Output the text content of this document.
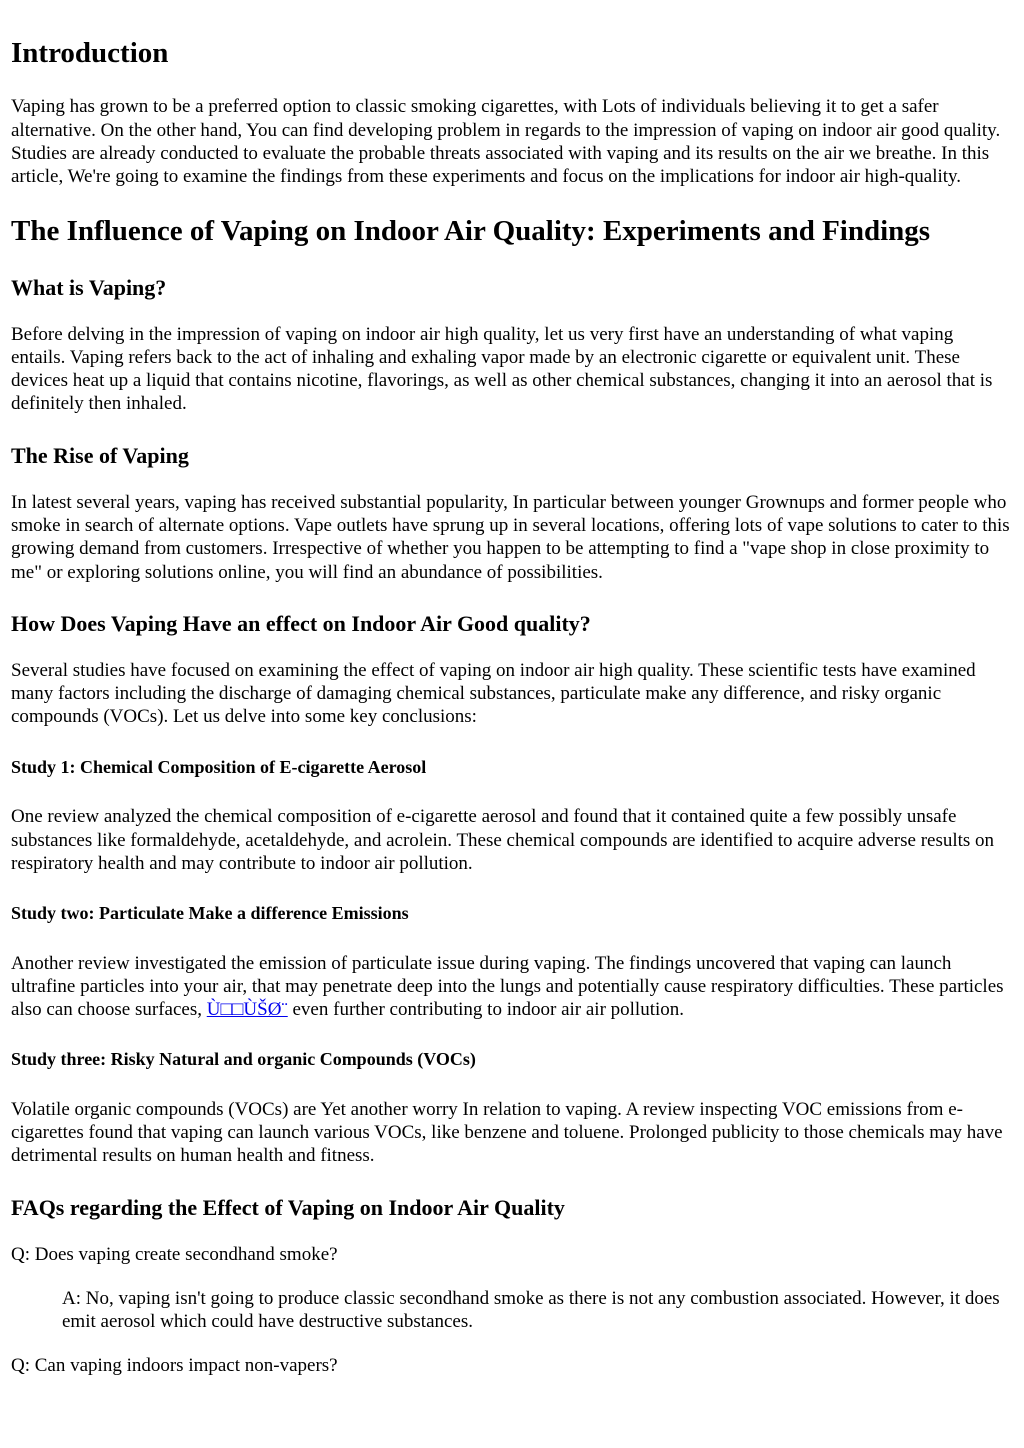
Introduction

Vaping has grown to be a preferred option to classic smoking cigarettes, with Lots of individuals believing it to get a safer alternative. On the other hand, You can find developing problem in regards to the impression of vaping on indoor air good quality. Studies are already conducted to evaluate the probable threats associated with vaping and its results on the air we breathe. In this article, We're going to examine the findings from these experiments and focus on the implications for indoor air high-quality.

The Influence of Vaping on Indoor Air Quality: Experiments and Findings
What is Vaping?

Before delving in the impression of vaping on indoor air high quality, let us very first have an understanding of what vaping entails. Vaping refers back to the act of inhaling and exhaling vapor made by an electronic cigarette or equivalent unit. These devices heat up a liquid that contains nicotine, flavorings, as well as other chemical substances, changing it into an aerosol that is definitely then inhaled.

The Rise of Vaping

In latest several years, vaping has received substantial popularity, In particular between younger Grownups and former people who smoke in search of alternate options. Vape outlets have sprung up in several locations, offering lots of vape solutions to cater to this growing demand from customers. Irrespective of whether you happen to be attempting to find a "vape shop in close proximity to me" or exploring solutions online, you will find an abundance of possibilities.

How Does Vaping Have an effect on Indoor Air Good quality?

Several studies have focused on examining the effect of vaping on indoor air high quality. These scientific tests have examined many factors including the discharge of damaging chemical substances, particulate make any difference, and risky organic compounds (VOCs). Let us delve into some key conclusions:

Study 1: Chemical Composition of E-cigarette Aerosol

One review analyzed the chemical composition of e-cigarette aerosol and found that it contained quite a few possibly unsafe substances like formaldehyde, acetaldehyde, and acrolein. These chemical compounds are identified to acquire adverse results on respiratory health and may contribute to indoor air pollution.

Study two: Particulate Make a difference Emissions

Another review investigated the emission of particulate issue during vaping. The findings uncovered that vaping can launch ultrafine particles into your air, that may penetrate deep into the lungs and potentially cause respiratory difficulties. These particles also can choose surfaces, Ù□□ÙŠØ¨ even further contributing to indoor air air pollution.

Study three: Risky Natural and organic Compounds (VOCs)

Volatile organic compounds (VOCs) are Yet another worry In relation to vaping. A review inspecting VOC emissions from e-cigarettes found that vaping can launch various VOCs, like benzene and toluene. Prolonged publicity to those chemicals may have detrimental results on human health and fitness.

FAQs regarding the Effect of Vaping on Indoor Air Quality

Q: Does vaping create secondhand smoke?

A: No, vaping isn't going to produce classic secondhand smoke as there is not any combustion associated. However, it does emit aerosol which could have destructive substances.

Q: Can vaping indoors impact non-vapers?
